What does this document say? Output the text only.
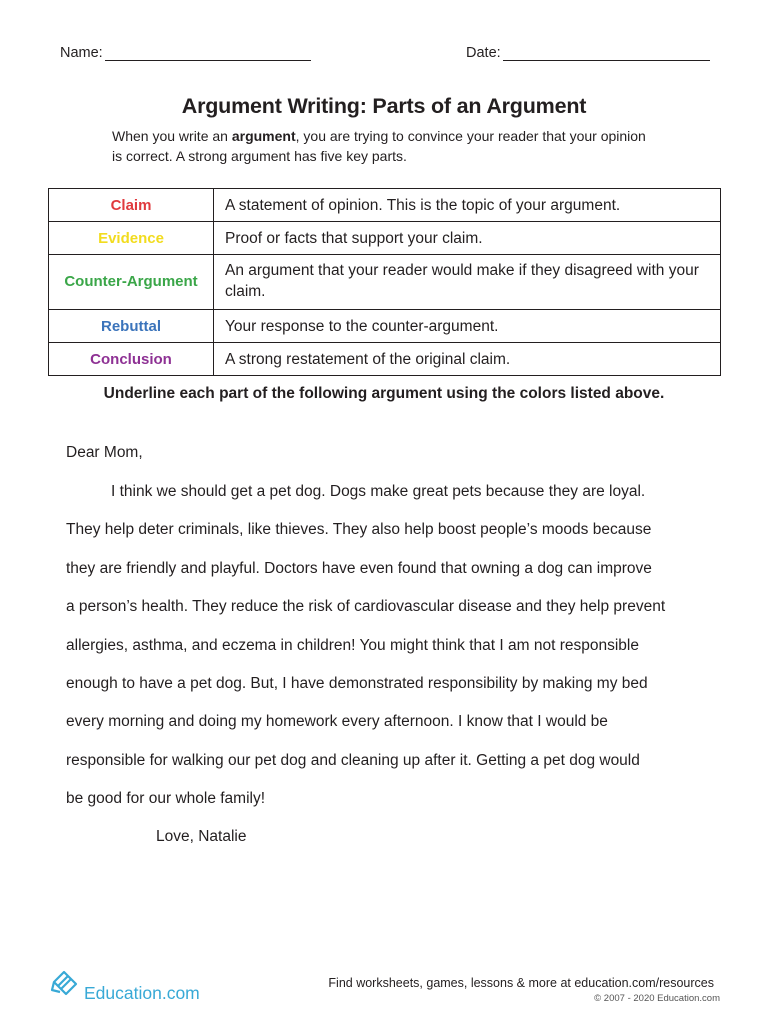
Name:	Date:
Argument Writing: Parts of an Argument
When you write an argument, you are trying to convince your reader that your opinion
is correct. A strong argument has five key parts.
Claim	A statement of opinion. This is the topic of your argument.
Evidence	Proof or facts that support your claim.
Counter-Argument	An argument that your reader would make if they disagreed with your claim.
Rebuttal	Your response to the counter-argument.
Conclusion	A strong restatement of the original claim.

Underline each part of the following argument using the colors listed above.

Dear Mom,
I think we should get a pet dog. Dogs make great pets because they are loyal.
They help deter criminals, like thieves. They also help boost people’s moods because
they are friendly and playful. Doctors have even found that owning a dog can improve
a person’s health. They reduce the risk of cardiovascular disease and they help prevent
allergies, asthma, and eczema in children! You might think that I am not responsible
enough to have a pet dog. But, I have demonstrated responsibility by making my bed
every morning and doing my homework every afternoon. I know that I would be
responsible for walking our pet dog and cleaning up after it. Getting a pet dog would
be good for our whole family!
Love, Natalie
Education.com	Find worksheets, games, lessons & more at education.com/resources
© 2007 - 2020 Education.com
